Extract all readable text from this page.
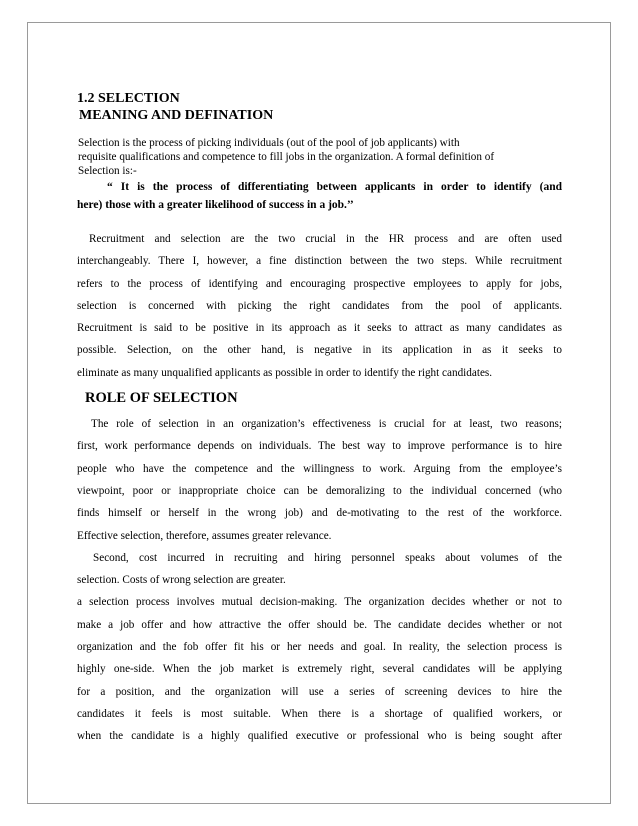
1.2 SELECTION

MEANING AND DEFINATION

Selection is the process of picking individuals (out of the pool of job applicants) with
requisite qualifications and competence to fill jobs in the organization. A formal definition of
Selection is:-
“ It is the process of differentiating between applicants in order to identify (and
here) those with a greater likelihood of success in a job.’’
Recruitment and selection are the two crucial in the HR process and are often used
interchangeably. There I, however, a fine distinction between the two steps. While recruitment
refers to the process of identifying and encouraging prospective employees to apply for jobs,
selection is concerned with picking the right candidates from the pool of applicants.
Recruitment is said to be positive in its approach as it seeks to attract as many candidates as
possible. Selection, on the other hand, is negative in its application in as it seeks to
eliminate as many unqualified applicants as possible in order to identify the right candidates.

ROLE OF SELECTION

The role of selection in an organization’s effectiveness is crucial for at least, two reasons;
first, work performance depends on individuals. The best way to improve performance is to hire
people who have the competence and the willingness to work. Arguing from the employee’s
viewpoint, poor or inappropriate choice can be demoralizing to the individual concerned (who
finds himself or herself in the wrong job) and de-motivating to the rest of the workforce.
Effective selection, therefore, assumes greater relevance.
Second, cost incurred in recruiting and hiring personnel speaks about volumes of the
selection. Costs of wrong selection are greater.
a selection process involves mutual decision-making. The organization decides whether or not to
make a job offer and how attractive the offer should be. The candidate decides whether or not
organization and the fob offer fit his or her needs and goal. In reality, the selection process is
highly one-side. When the job market is extremely right, several candidates will be applying
for a position, and the organization will use a series of screening devices to hire the
candidates it feels is most suitable. When there is a shortage of qualified workers, or
when the candidate is a highly qualified executive or professional who is being sought after
